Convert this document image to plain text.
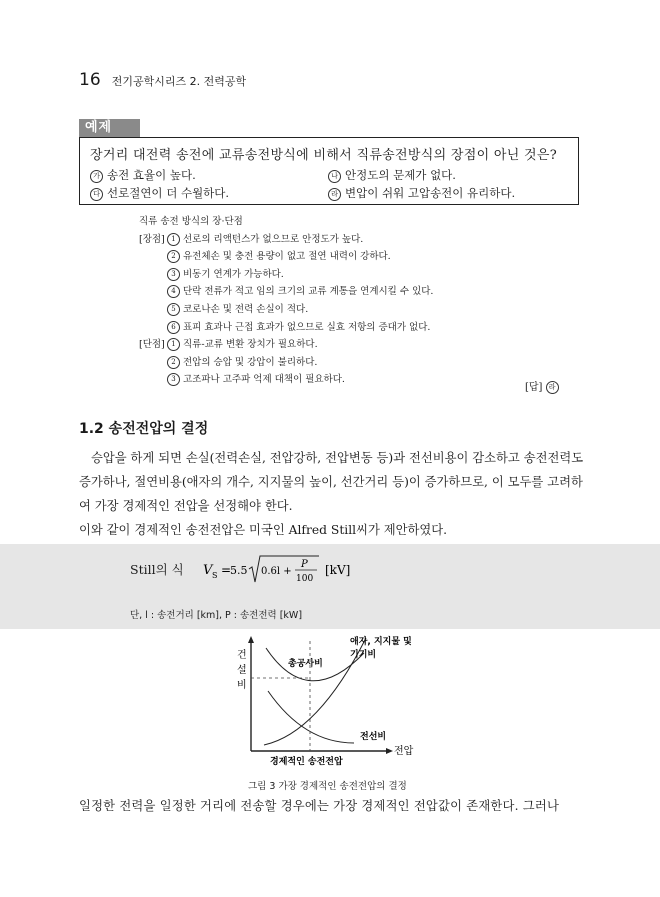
16 전기공학시리즈 2. 전력공학
예제
장거리 대전력 송전에 교류송전방식에 비해서 직류송전방식의 장점이 아닌 것은?
가 송전 효율이 높다.	나 안정도의 문제가 없다.
다 선로절연이 더 수월하다.	라 변압이 쉬워 고압송전이 유리하다.
직류 송전 방식의 장·단점
[장점] 1 선로의 리액턴스가 없으므로 안정도가 높다.
2 유전체손 및 충전 용량이 없고 절연 내력이 강하다.
3 비동기 연계가 가능하다.
4 단락 전류가 적고 임의 크기의 교류 계통을 연계시킬 수 있다.
5 코로나손 및 전력 손실이 적다.
6 표피 효과나 근접 효과가 없으므로 실효 저항의 증대가 없다.
[단점] 1 직류-교류 변환 장치가 필요하다.
2 전압의 승압 및 강압이 불리하다.
3 고조파나 고주파 억제 대책이 필요하다.
[답] 라
1.2 송전전압의 결정
승압을 하게 되면 손실(전력손실, 전압강하, 전압변동 등)과 전선비용이 감소하고 송전전력도 증가하나, 절연비용(애자의 개수, 지지물의 높이, 선간거리 등)이 증가하므로, 이 모두를 고려하여 가장 경제적인 전압을 선정해야 한다.
이와 같이 경제적인 송전전압은 미국인 Alfred Still씨가 제안하였다.
Still의 식 V S =
5.5 0.6l +
P
100
[kV]
단, l : 송전거리 [km], P : 송전전력 [kW]
건
설
비
전압
총공사비
애자, 지지물 및
기기비
전선비
경제적인 송전전압
그림 3 가장 경제적인 송전전압의 결정
일정한 전력을 일정한 거리에 전송할 경우에는 가장 경제적인 전압값이 존재한다. 그러나
